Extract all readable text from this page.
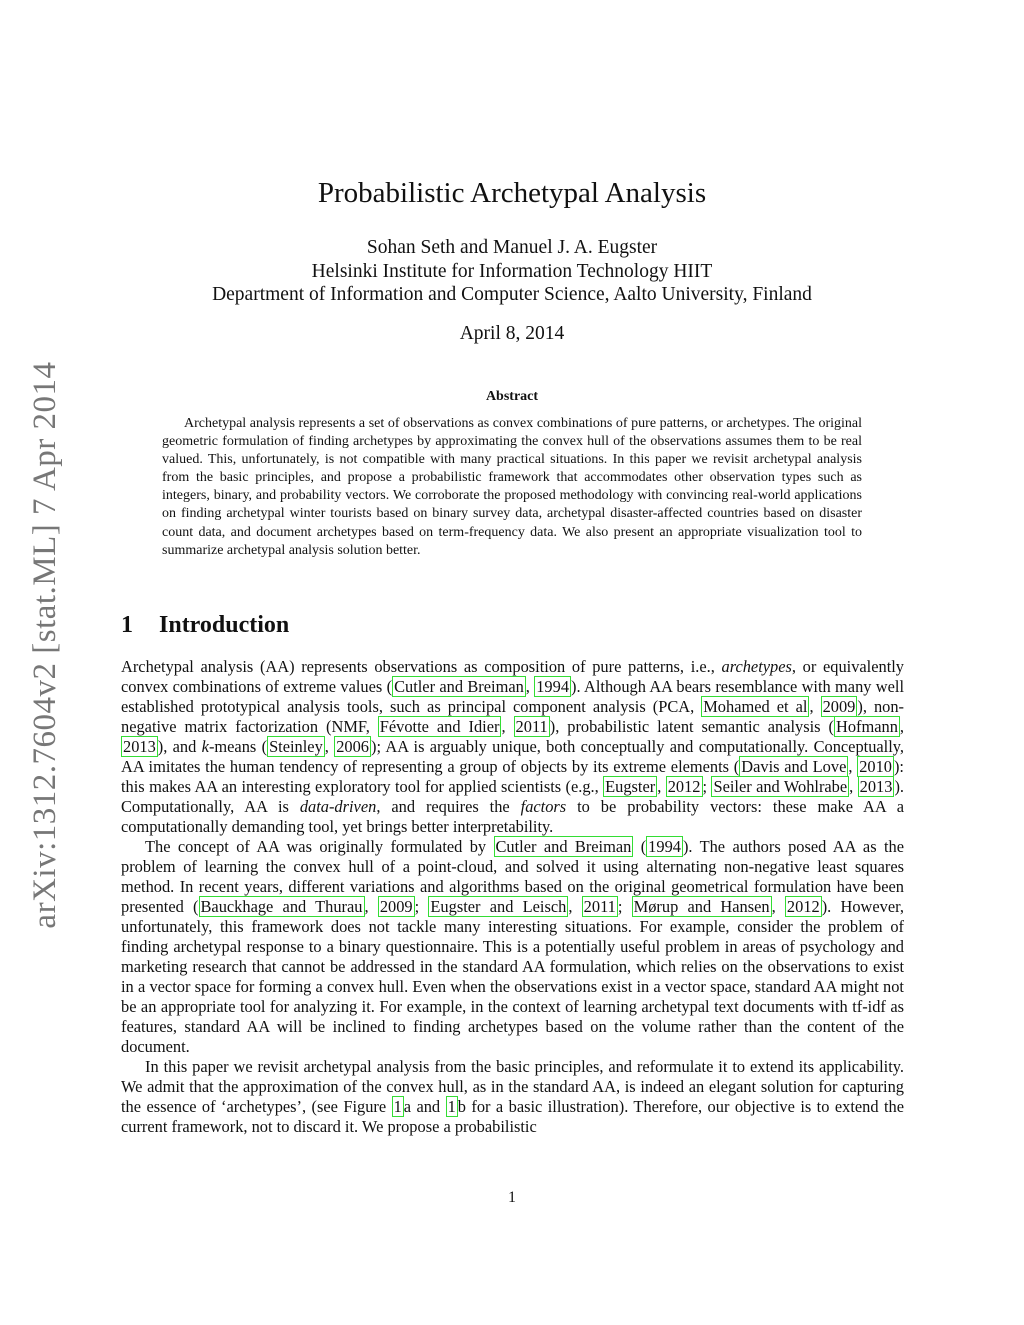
arXiv:1312.7604v2 [stat.ML] 7 Apr 2014
Probabilistic Archetypal Analysis
Sohan Seth and Manuel J. A. Eugster
Helsinki Institute for Information Technology HIIT
Department of Information and Computer Science, Aalto University, Finland
April 8, 2014
Abstract
Archetypal analysis represents a set of observations as convex combinations of pure patterns, or archetypes. The original geometric formulation of finding archetypes by approximating the convex hull of the observations assumes them to be real valued. This, unfortunately, is not compatible with many practical situations. In this paper we revisit archetypal analysis from the basic principles, and propose a probabilistic framework that accommodates other observation types such as integers, binary, and probability vectors. We corroborate the proposed methodology with convincing real-world applications on finding archetypal winter tourists based on binary survey data, archetypal disaster-affected countries based on disaster count data, and document archetypes based on term-frequency data. We also present an appropriate visualization tool to summarize archetypal analysis solution better.
1 Introduction

Archetypal analysis (AA) represents observations as composition of pure patterns, i.e., archetypes, or equivalently convex combinations of extreme values ( Cutler and Breiman , 1994 ). Although AA bears resemblance with many well established prototypical analysis tools, such as principal component analysis (PCA, Mohamed et al , 2009 ), non-negative matrix factorization (NMF, Févotte and Idier , 2011 ), probabilistic latent semantic analysis ( Hofmann , 2013 ), and k-means ( Steinley , 2006 ); AA is arguably unique, both conceptually and computationally. Conceptually, AA imitates the human tendency of representing a group of objects by its extreme elements ( Davis and Love , 2010 ): this makes AA an interesting exploratory tool for applied scientists (e.g., Eugster , 2012 ; Seiler and Wohlrabe , 2013 ). Computationally, AA is data-driven, and requires the factors to be probability vectors: these make AA a computationally demanding tool, yet brings better interpretability.

The concept of AA was originally formulated by Cutler and Breiman ( 1994 ). The authors posed AA as the problem of learning the convex hull of a point-cloud, and solved it using alternating non-negative least squares method. In recent years, different variations and algorithms based on the original geometrical formulation have been presented ( Bauckhage and Thurau , 2009 ; Eugster and Leisch , 2011 ; Mørup and Hansen , 2012 ). However, unfortunately, this framework does not tackle many interesting situations. For example, consider the problem of finding archetypal response to a binary questionnaire. This is a potentially useful problem in areas of psychology and marketing research that cannot be addressed in the standard AA formulation, which relies on the observations to exist in a vector space for forming a convex hull. Even when the observations exist in a vector space, standard AA might not be an appropriate tool for analyzing it. For example, in the context of learning archetypal text documents with tf-idf as features, standard AA will be inclined to finding archetypes based on the volume rather than the content of the document.

In this paper we revisit archetypal analysis from the basic principles, and reformulate it to extend its applicability. We admit that the approximation of the convex hull, as in the standard AA, is indeed an elegant solution for capturing the essence of ‘archetypes’, (see Figure 1 a and 1 b for a basic illustration). Therefore, our objective is to extend the current framework, not to discard it. We propose a probabilistic

1
